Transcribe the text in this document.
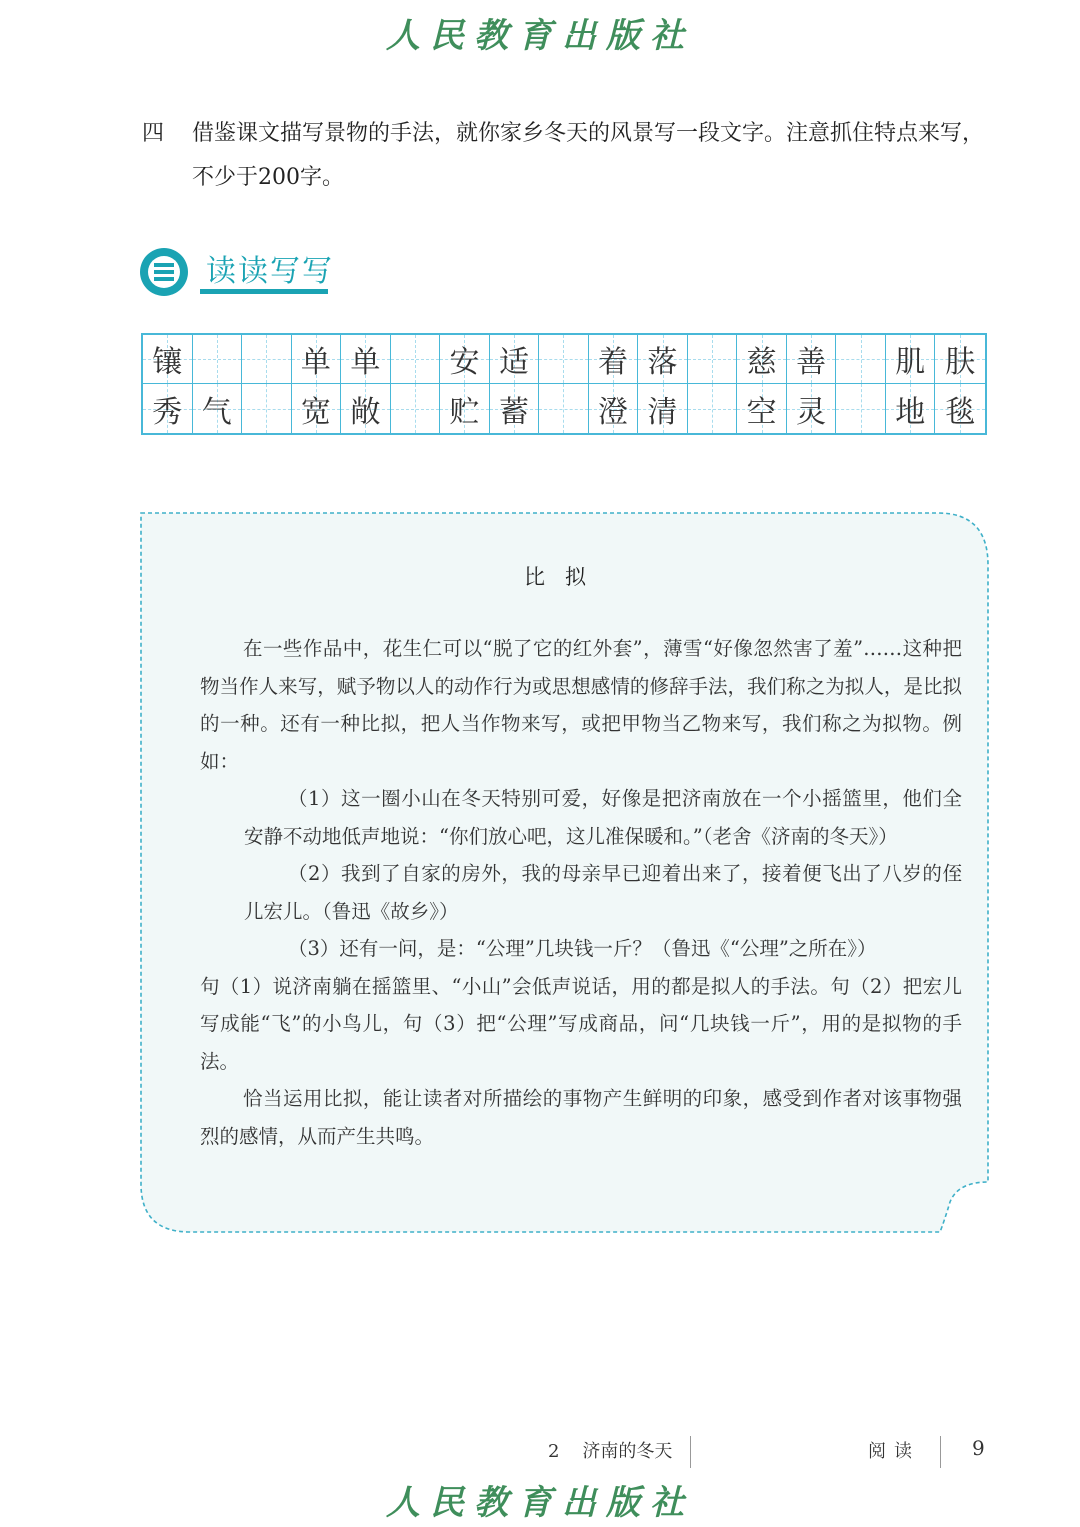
人民教育出版社
四 借鉴课文描写景物的手法，就你家乡冬天的风景写一段文字。注意抓住特点来写，不少于200字。
读读写写
镶	单 单 安 适 着 落 慈 善 肌 肤
秀 气 宽 敞 贮 蓄 澄 清 空 灵 地 毯
比拟

在一些作品中，花生仁可以“脱了它的红外套”，薄雪“好像忽然害了羞”……这种把物当作人来写，赋予物以人的动作行为或思想感情的修辞手法，我们称之为拟人，是比拟的一种。还有一种比拟，把人当作物来写，或把甲物当乙物来写，我们称之为拟物。例如：

（1）这一圈小山在冬天特别可爱，好像是把济南放在一个小摇篮里，他们全安静不动地低声地说：“你们放心吧，这儿准保暖和。”（老舍《济南的冬天》）

（2）我到了自家的房外，我的母亲早已迎着出来了，接着便飞出了八岁的侄儿宏儿。（鲁迅《故乡》）

（3）还有一问，是：“公理”几块钱一斤？（鲁迅《“公理”之所在》）

句（1）说济南躺在摇篮里、“小山”会低声说话，用的都是拟人的手法。句（2）把宏儿写成能“飞”的小鸟儿，句（3）把“公理”写成商品，问“几块钱一斤”，用的是拟物的手法。

恰当运用比拟，能让读者对所描绘的事物产生鲜明的印象，感受到作者对该事物强烈的感情，从而产生共鸣。

2 济南的冬天	阅读	9
人民教育出版社
